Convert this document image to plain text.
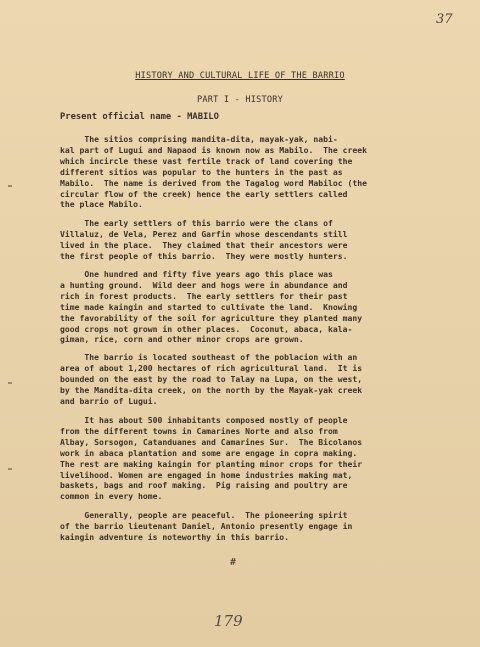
37
HISTORY AND CULTURAL LIFE OF THE BARRIO
PART I - HISTORY
Present official name - MABILO

The sitios comprising mandita-dita, mayak-yak, nabi-
kal part of Lugui and Napaod is known now as Mabilo.  The creek
which incircle these vast fertile track of land covering the
different sitios was popular to the hunters in the past as
Mabilo.  The name is derived from the Tagalog word Mabiloc (the
circular flow of the creek) hence the early settlers called
the place Mabilo.

The early settlers of this barrio were the clans of
Villaluz, de Vela, Perez and Garfin whose descendants still
lived in the place.  They claimed that their ancestors were
the first people of this barrio.  They were mostly hunters.

One hundred and fifty five years ago this place was
a hunting ground.  Wild deer and hogs were in abundance and
rich in forest products.  The early settlers for their past
time made kaingin and started to cultivate the land.  Knowing
the favorability of the soil for agriculture they planted many
good crops not grown in other places.  Coconut, abaca, kala-
giman, rice, corn and other minor crops are grown.

The barrio is located southeast of the poblacion with an
area of about 1,200 hectares of rich agricultural land.  It is
bounded on the east by the road to Talay na Lupa, on the west,
by the Mandita-dita creek, on the north by the Mayak-yak creek
and barrio of Lugui.

It has about 500 inhabitants composed mostly of people
from the different towns in Camarines Norte and also from
Albay, Sorsogon, Catanduanes and Camarines Sur.  The Bicolanos
work in abaca plantation and some are engage in copra making.
The rest are making kaingin for planting minor crops for their
livelihood. Women are engaged in home industries making mat,
baskets, bags and roof making.  Pig raising and poultry are
common in every home.

Generally, people are peaceful.  The pioneering spirit
of the barrio lieutenant Daniel, Antonio presently engage in
kaingin adventure is noteworthy in this barrio.

#
179
